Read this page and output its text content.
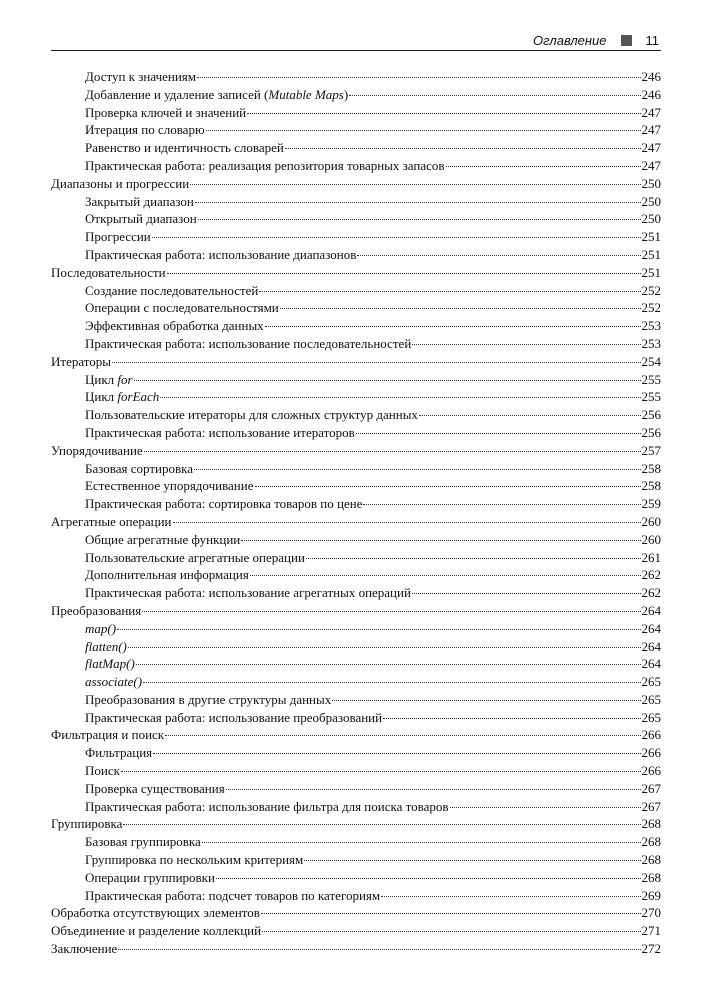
Оглавление	11
Доступ к значениям	246
Добавление и удаление записей (Mutable Maps)	246
Проверка ключей и значений	247
Итерация по словарю	247
Равенство и идентичность словарей	247
Практическая работа: реализация репозитория товарных запасов	247
Диапазоны и прогрессии	250
Закрытый диапазон	250
Открытый диапазон	250
Прогрессии	251
Практическая работа: использование диапазонов	251
Последовательности	251
Создание последовательностей	252
Операции с последовательностями	252
Эффективная обработка данных	253
Практическая работа: использование последовательностей	253
Итераторы	254
Цикл for	255
Цикл forEach	255
Пользовательские итераторы для сложных структур данных	256
Практическая работа: использование итераторов	256
Упорядочивание	257
Базовая сортировка	258
Естественное упорядочивание	258
Практическая работа: сортировка товаров по цене	259
Агрегатные операции	260
Общие агрегатные функции	260
Пользовательские агрегатные операции	261
Дополнительная информация	262
Практическая работа: использование агрегатных операций	262
Преобразования	264
map()	264
flatten()	264
flatMap()	264
associate()	265
Преобразования в другие структуры данных	265
Практическая работа: использование преобразований	265
Фильтрация и поиск	266
Фильтрация	266
Поиск	266
Проверка существования	267
Практическая работа: использование фильтра для поиска товаров	267
Группировка	268
Базовая группировка	268
Группировка по нескольким критериям	268
Операции группировки	268
Практическая работа: подсчет товаров по категориям	269
Обработка отсутствующих элементов	270
Объединение и разделение коллекций	271
Заключение	272
